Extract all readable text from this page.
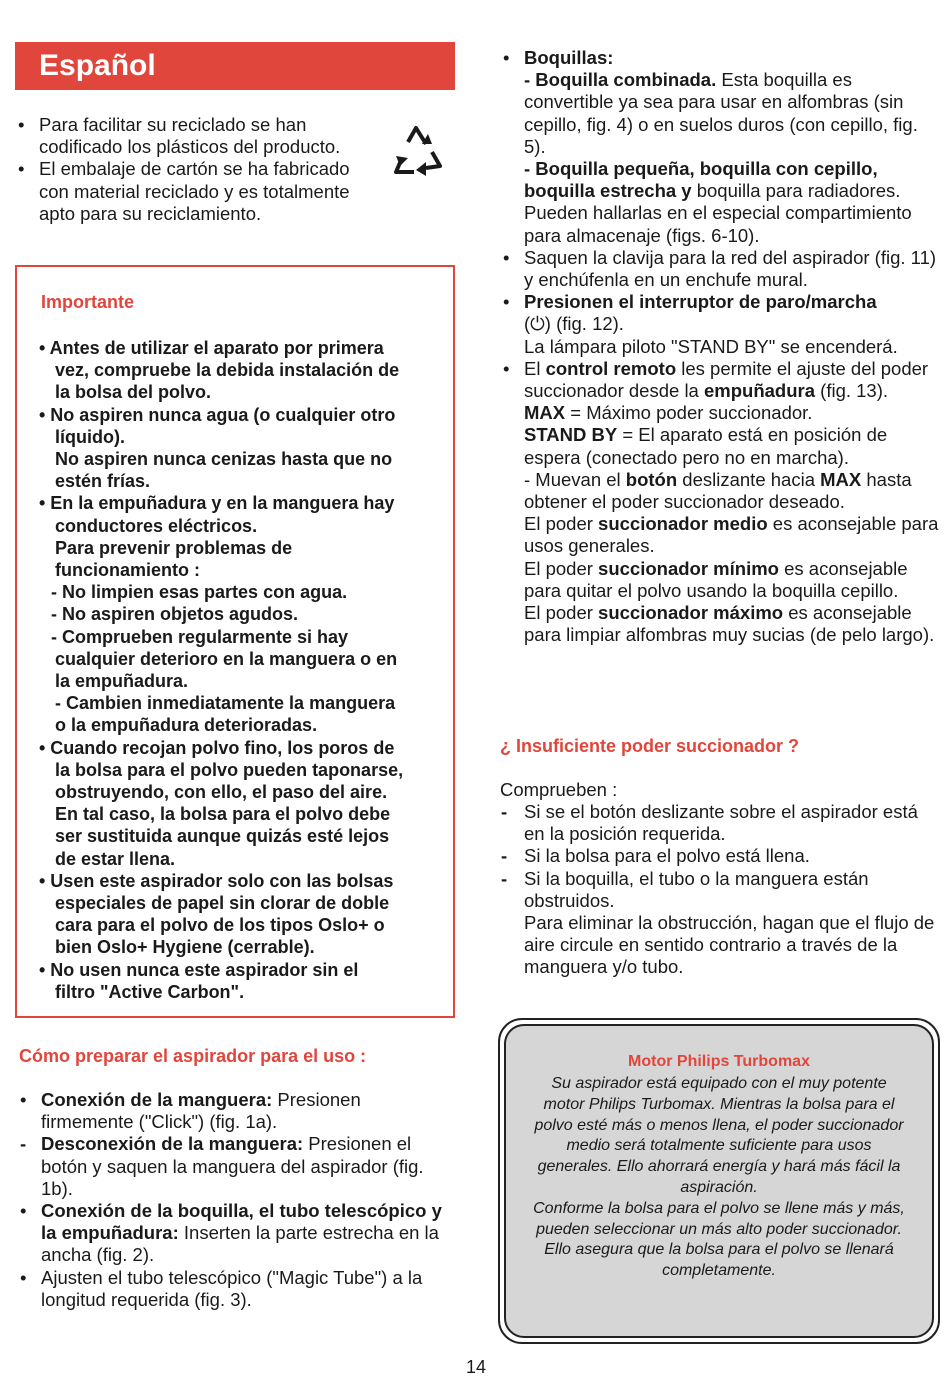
Español
• Para facilitar su reciclado se han codificado los plásticos del producto.
• El embalaje de cartón se ha fabricado con material reciclado y es totalmente apto para su reciclamiento.
Importante
• Antes de utilizar el aparato por primera
vez, compruebe la debida instalación de
la bolsa del polvo.
• No aspiren nunca agua (o cualquier otro
líquido).
No aspiren nunca cenizas hasta que no
estén frías.
• En la empuñadura y en la manguera hay
conductores eléctricos.
Para prevenir problemas de
funcionamiento :
- No limpien esas partes con agua.
- No aspiren objetos agudos.
- Comprueben regularmente si hay
cualquier deterioro en la manguera o en
la empuñadura.
- Cambien inmediatamente la manguera
o la empuñadura deterioradas.
• Cuando recojan polvo fino, los poros de
la bolsa para el polvo pueden taponarse,
obstruyendo, con ello, el paso del aire.
En tal caso, la bolsa para el polvo debe
ser sustituida aunque quizás esté lejos
de estar llena.
• Usen este aspirador solo con las bolsas
especiales de papel sin clorar de doble
cara para el polvo de los tipos Oslo+ o
bien Oslo+ Hygiene (cerrable).
• No usen nunca este aspirador sin el
filtro "Active Carbon".
Cómo preparar el aspirador para el uso :
• Conexión de la manguera: Presionen firmemente ("Click") (fig. 1a).
- Desconexión de la manguera: Presionen el botón y saquen la manguera del aspirador (fig. 1b).
• Conexión de la boquilla, el tubo telescópico y la empuñadura: Inserten la parte estrecha en la ancha (fig. 2).
• Ajusten el tubo telescópico ("Magic Tube") a la longitud requerida (fig. 3).
• Boquillas:
- Boquilla combinada. Esta boquilla es convertible ya sea para usar en alfombras (sin cepillo, fig. 4) o en suelos duros (con cepillo, fig. 5).
- Boquilla pequeña, boquilla con cepillo, boquilla estrecha y boquilla para radiadores.
Pueden hallarlas en el especial compartimiento para almacenaje (figs. 6-10).
• Saquen la clavija para la red del aspirador (fig. 11) y enchúfenla en un enchufe mural.
• Presionen el interruptor de paro/marcha
(⏻) (fig. 12).
La lámpara piloto "STAND BY" se encenderá.
• El control remoto les permite el ajuste del poder succionador desde la empuñadura (fig. 13).
MAX = Máximo poder succionador.
STAND BY = El aparato está en posición de espera (conectado pero no en marcha).
- Muevan el botón deslizante hacia MAX hasta obtener el poder succionador deseado.
El poder succionador medio es aconsejable para usos generales.
El poder succionador mínimo es aconsejable para quitar el polvo usando la boquilla cepillo.
El poder succionador máximo es aconsejable para limpiar alfombras muy sucias (de pelo largo).
¿ Insuficiente poder succionador ?
Comprueben :
- Si se el botón deslizante sobre el aspirador está en la posición requerida.
- Si la bolsa para el polvo está llena.
- Si la boquilla, el tubo o la manguera están obstruidos.
Para eliminar la obstrucción, hagan que el flujo de aire circule en sentido contrario a través de la manguera y/o tubo.
Motor Philips Turbomax
Su aspirador está equipado con el muy potente motor Philips Turbomax. Mientras la bolsa para el polvo esté más o menos llena, el poder succionador medio será totalmente suficiente para usos generales. Ello ahorrará energía y hará más fácil la aspiración.
Conforme la bolsa para el polvo se llene más y más, pueden seleccionar un más alto poder succionador.
Ello asegura que la bolsa para el polvo se llenará completamente.
14
